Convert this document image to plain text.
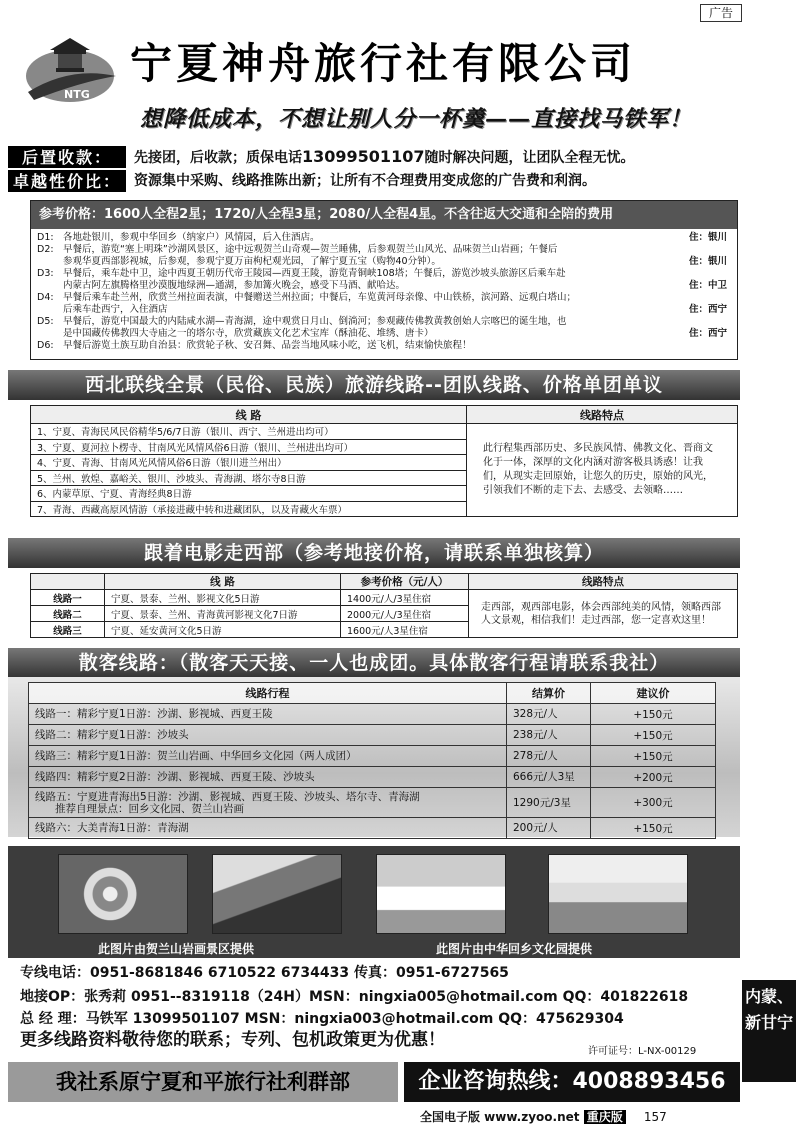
广告
NTG
宁夏神舟旅行社有限公司
想降低成本，不想让别人分一杯羹——直接找马铁军！
后置收款：	先接团，后收款；质保电话13099501107随时解决问题，让团队全程无忧。
卓越性价比： 资源集中采购、线路推陈出新；让所有不合理费用变成您的广告费和利润。
参考价格：1600人全程2星；1720/人全程3星；2080/人全程4星。不含往返大交通和全陪的费用
D1: 各地赴银川，参观中华回乡（纳家户）风情园，后入住酒店。	住：银川
D2: 早餐后，游览“塞上明珠”沙湖风景区，途中远观贺兰山奇观—贺兰睡佛，后参观贺兰山风光、品味贺兰山岩画；午餐后
参观华夏西部影视城，后参观，参观宁夏万亩枸杞观光园，了解宁夏五宝（购物40分钟）。	住：银川
D3: 早餐后，乘车赴中卫，途中西夏王朝历代帝王陵园—西夏王陵，游览青铜峡108塔；午餐后，游览沙坡头旅游区后乘车赴
内蒙古阿左旗腾格里沙漠腹地绿洲—通湖，参加篝火晚会，感受下马酒、献哈达。	住：中卫
D4: 早餐后乘车赴兰州，欣赏兰州拉面表演，中餐赠送兰州拉面；中餐后，车览黄河母亲像、中山铁桥，滨河路、远观白塔山；
后乘车赴西宁，入住酒店	住：西宁
D5: 早餐后，游览中国最大的内陆咸水湖—青海湖，途中观赏日月山、倒淌河；参观藏传佛教黄教创始人宗喀巴的诞生地，也
是中国藏传佛教四大寺庙之一的塔尔寺，欣赏藏族文化艺术宝库（酥油花、堆绣、唐卡）	住：西宁
D6: 早餐后游览土族互助自治县：欣赏轮子秋、安召舞、品尝当地风味小吃，送飞机，结束愉快旅程！
西北联线全景（民俗、民族）旅游线路--团队线路、价格单团单议
线 路	线路特点
1、宁夏、青海民风民俗精华5/6/7日游（银川、西宁、兰州进出均可）	此行程集西部历史、多民族风情、佛教文化、晋商文化于一体，深厚的文化内涵对游客极具诱惑！让我们，从现实走回原始，让您久的历史，原始的风光，引领我们不断的走下去、去感受、去领略……
3、宁夏、夏河拉卜楞寺、甘南风光风情风俗6日游（银川、兰州进出均可）	
4、宁夏、青海、甘南风光风情风俗6日游（银川进兰州出）	
5、兰州、敦煌、嘉峪关、银川、沙坡头、青海湖、塔尔寺8日游	
6、内蒙草原、宁夏、青海经典8日游	
7、青海、西藏高原风情游（承接进藏中转和进藏团队，以及青藏火车票）	
跟着电影走西部（参考地接价格，请联系单独核算）
	线 路	参考价格（元/人）	线路特点
线路一	宁夏、景泰、兰州、影视文化5日游	1400元/人/3星住宿	走西部，观西部电影，体会西部纯美的风情，领略西部人文景观，相信我们！走过西部，您一定喜欢这里！
线路二	宁夏、景泰、兰州、青海黄河影视文化7日游	2000元/人/3星住宿	
线路三	宁夏、延安黄河文化5日游	1600元/人3星住宿	
散客线路：（散客天天接、一人也成团。具体散客行程请联系我社）
线路行程	结算价	建议价
线路一：精彩宁夏1日游：沙湖、影视城、西夏王陵	328元/人	+150元
线路二：精彩宁夏1日游：沙坡头	238元/人	+150元
线路三：精彩宁夏1日游：贺兰山岩画、中华回乡文化园（两人成团）	278元/人	+150元
线路四：精彩宁夏2日游：沙湖、影视城、西夏王陵、沙坡头	666元/人3星	+200元

线路五：宁夏进青海出5日游：沙湖、影视城、西夏王陵、沙坡头、塔尔寺、青海湖
推荐自理景点：回乡文化园、贺兰山岩画	1290元/3星	+300元
线路六：大美青海1日游：青海湖	200元/人	+150元
此图片由贺兰山岩画景区提供	此图片由中华回乡文化园提供
专线电话：0951-8681846 6710522 6734433 传真：0951-6727565
地接OP：张秀莉 0951--8319118（24H）MSN：ningxia005@hotmail.com QQ：401822618
总 经 理：马铁军 13099501107 MSN：ningxia003@hotmail.com QQ：475629304
更多线路资料敬待您的联系；专列、包机政策更为优惠！
许可证号：L-NX-00129
我社系原宁夏和平旅行社利群部	企业咨询热线：4008893456
内蒙、
新甘宁
全国电子版 www.zyoo.net 重庆版 157
